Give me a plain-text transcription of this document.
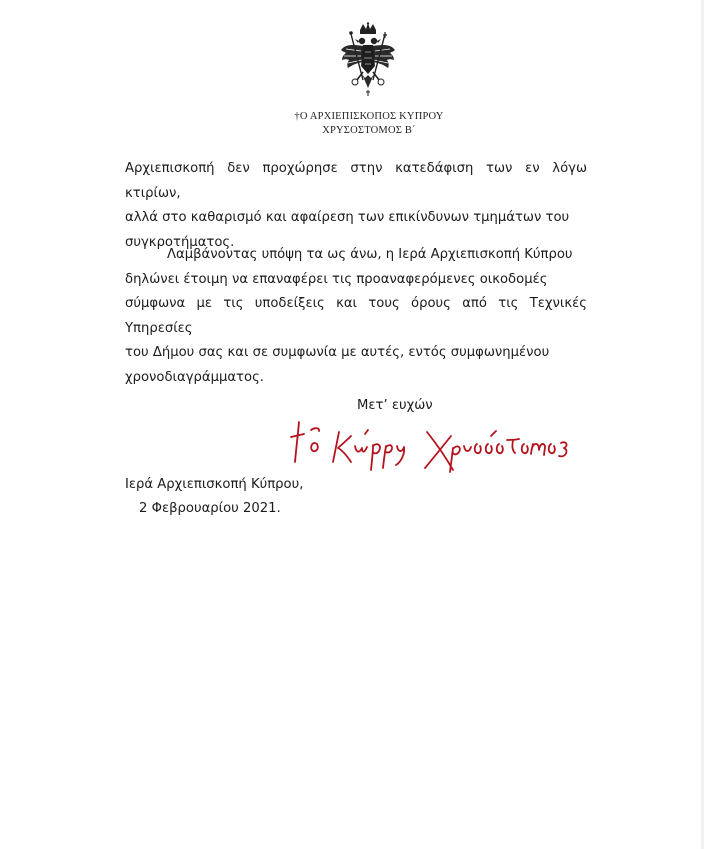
†Ο ΑΡΧΙΕΠΙΣΚΟΠΟΣ ΚΥΠΡΟΥ
ΧΡΥΣΟΣΤΟΜΟΣ Β΄
Αρχιεπισκοπή δεν προχώρησε στην κατεδάφιση των εν λόγω κτιρίων,
αλλά στο καθαρισμό και αφαίρεση των επικίνδυνων τμημάτων του
συγκροτήματος.
Λαμβάνοντας υπόψη τα ως άνω, η Ιερά Αρχιεπισκοπή Κύπρου
δηλώνει έτοιμη να επαναφέρει τις προαναφερόμενες οικοδομές
σύμφωνα με τις υποδείξεις και τους όρους από τις Τεχνικές Υπηρεσίες
του Δήμου σας και σε συμφωνία με αυτές, εντός συμφωνημένου
χρονοδιαγράμματος.
Μετ’ ευχών
Ιερά Αρχιεπισκοπή Κύπρου,
2 Φεβρουαρίου 2021.
